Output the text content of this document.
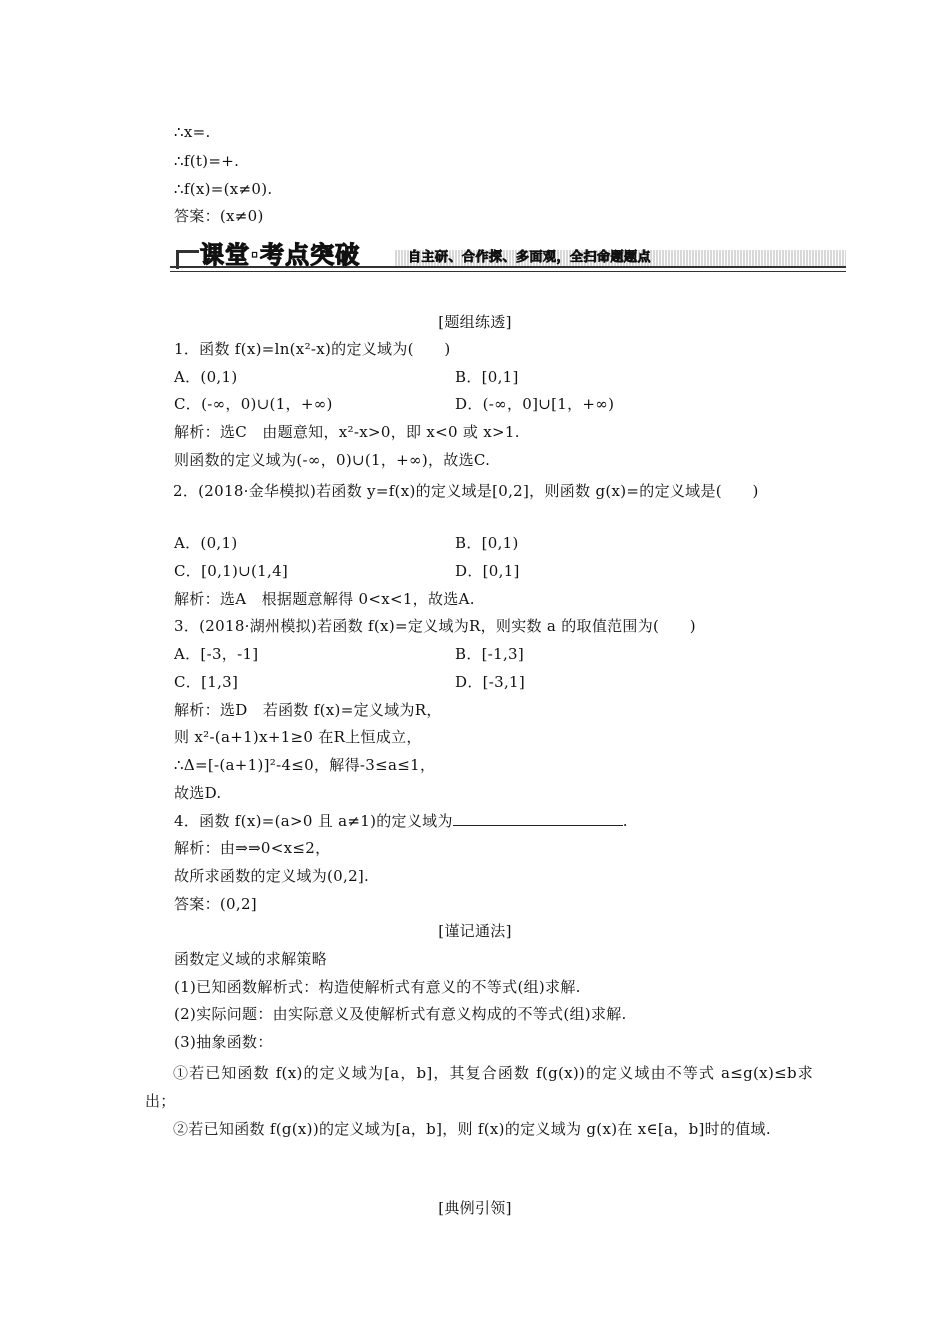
∴x=.
∴f(t)=+.
∴f(x)=(x≠0).
答案：(x≠0)
课堂·考点突破	自主研、合作探、多面观，全扫命题题点
[题组练透]
1．函数 f(x)=ln(x²-x)的定义域为(　　)
A．(0,1)	B．[0,1]
C．(-∞，0)∪(1，+∞)	D．(-∞，0]∪[1，+∞)
解析：选C　由题意知，x²-x>0，即 x<0 或 x>1.
则函数的定义域为(-∞，0)∪(1，+∞)，故选C.
2．(2018·金华模拟)若函数 y=f(x)的定义域是[0,2]，则函数 g(x)=的定义域是(　　)
A．(0,1)	B．[0,1)
C．[0,1)∪(1,4]	D．[0,1]
解析：选A　根据题意解得 0<x<1，故选A.
3．(2018·湖州模拟)若函数 f(x)=定义域为R，则实数 a 的取值范围为(　　)
A．[-3，-1]	B．[-1,3]
C．[1,3]	D．[-3,1]
解析：选D　若函数 f(x)=定义域为R，
则 x²-(a+1)x+1≥0 在R上恒成立，
∴Δ=[-(a+1)]²-4≤0，解得-3≤a≤1，
故选D.
4．函数 f(x)=(a>0 且 a≠1)的定义域为	.
解析：由⇒⇒0<x≤2，
故所求函数的定义域为(0,2].
答案：(0,2]
[谨记通法]
函数定义域的求解策略
(1)已知函数解析式：构造使解析式有意义的不等式(组)求解.
(2)实际问题：由实际意义及使解析式有意义构成的不等式(组)求解.
(3)抽象函数：
①若已知函数 f(x)的定义域为[a，b]，其复合函数 f(g(x))的定义域由不等式 a≤g(x)≤b求出；
②若已知函数 f(g(x))的定义域为[a，b]，则 f(x)的定义域为 g(x)在 x∈[a，b]时的值域.
[典例引领]
